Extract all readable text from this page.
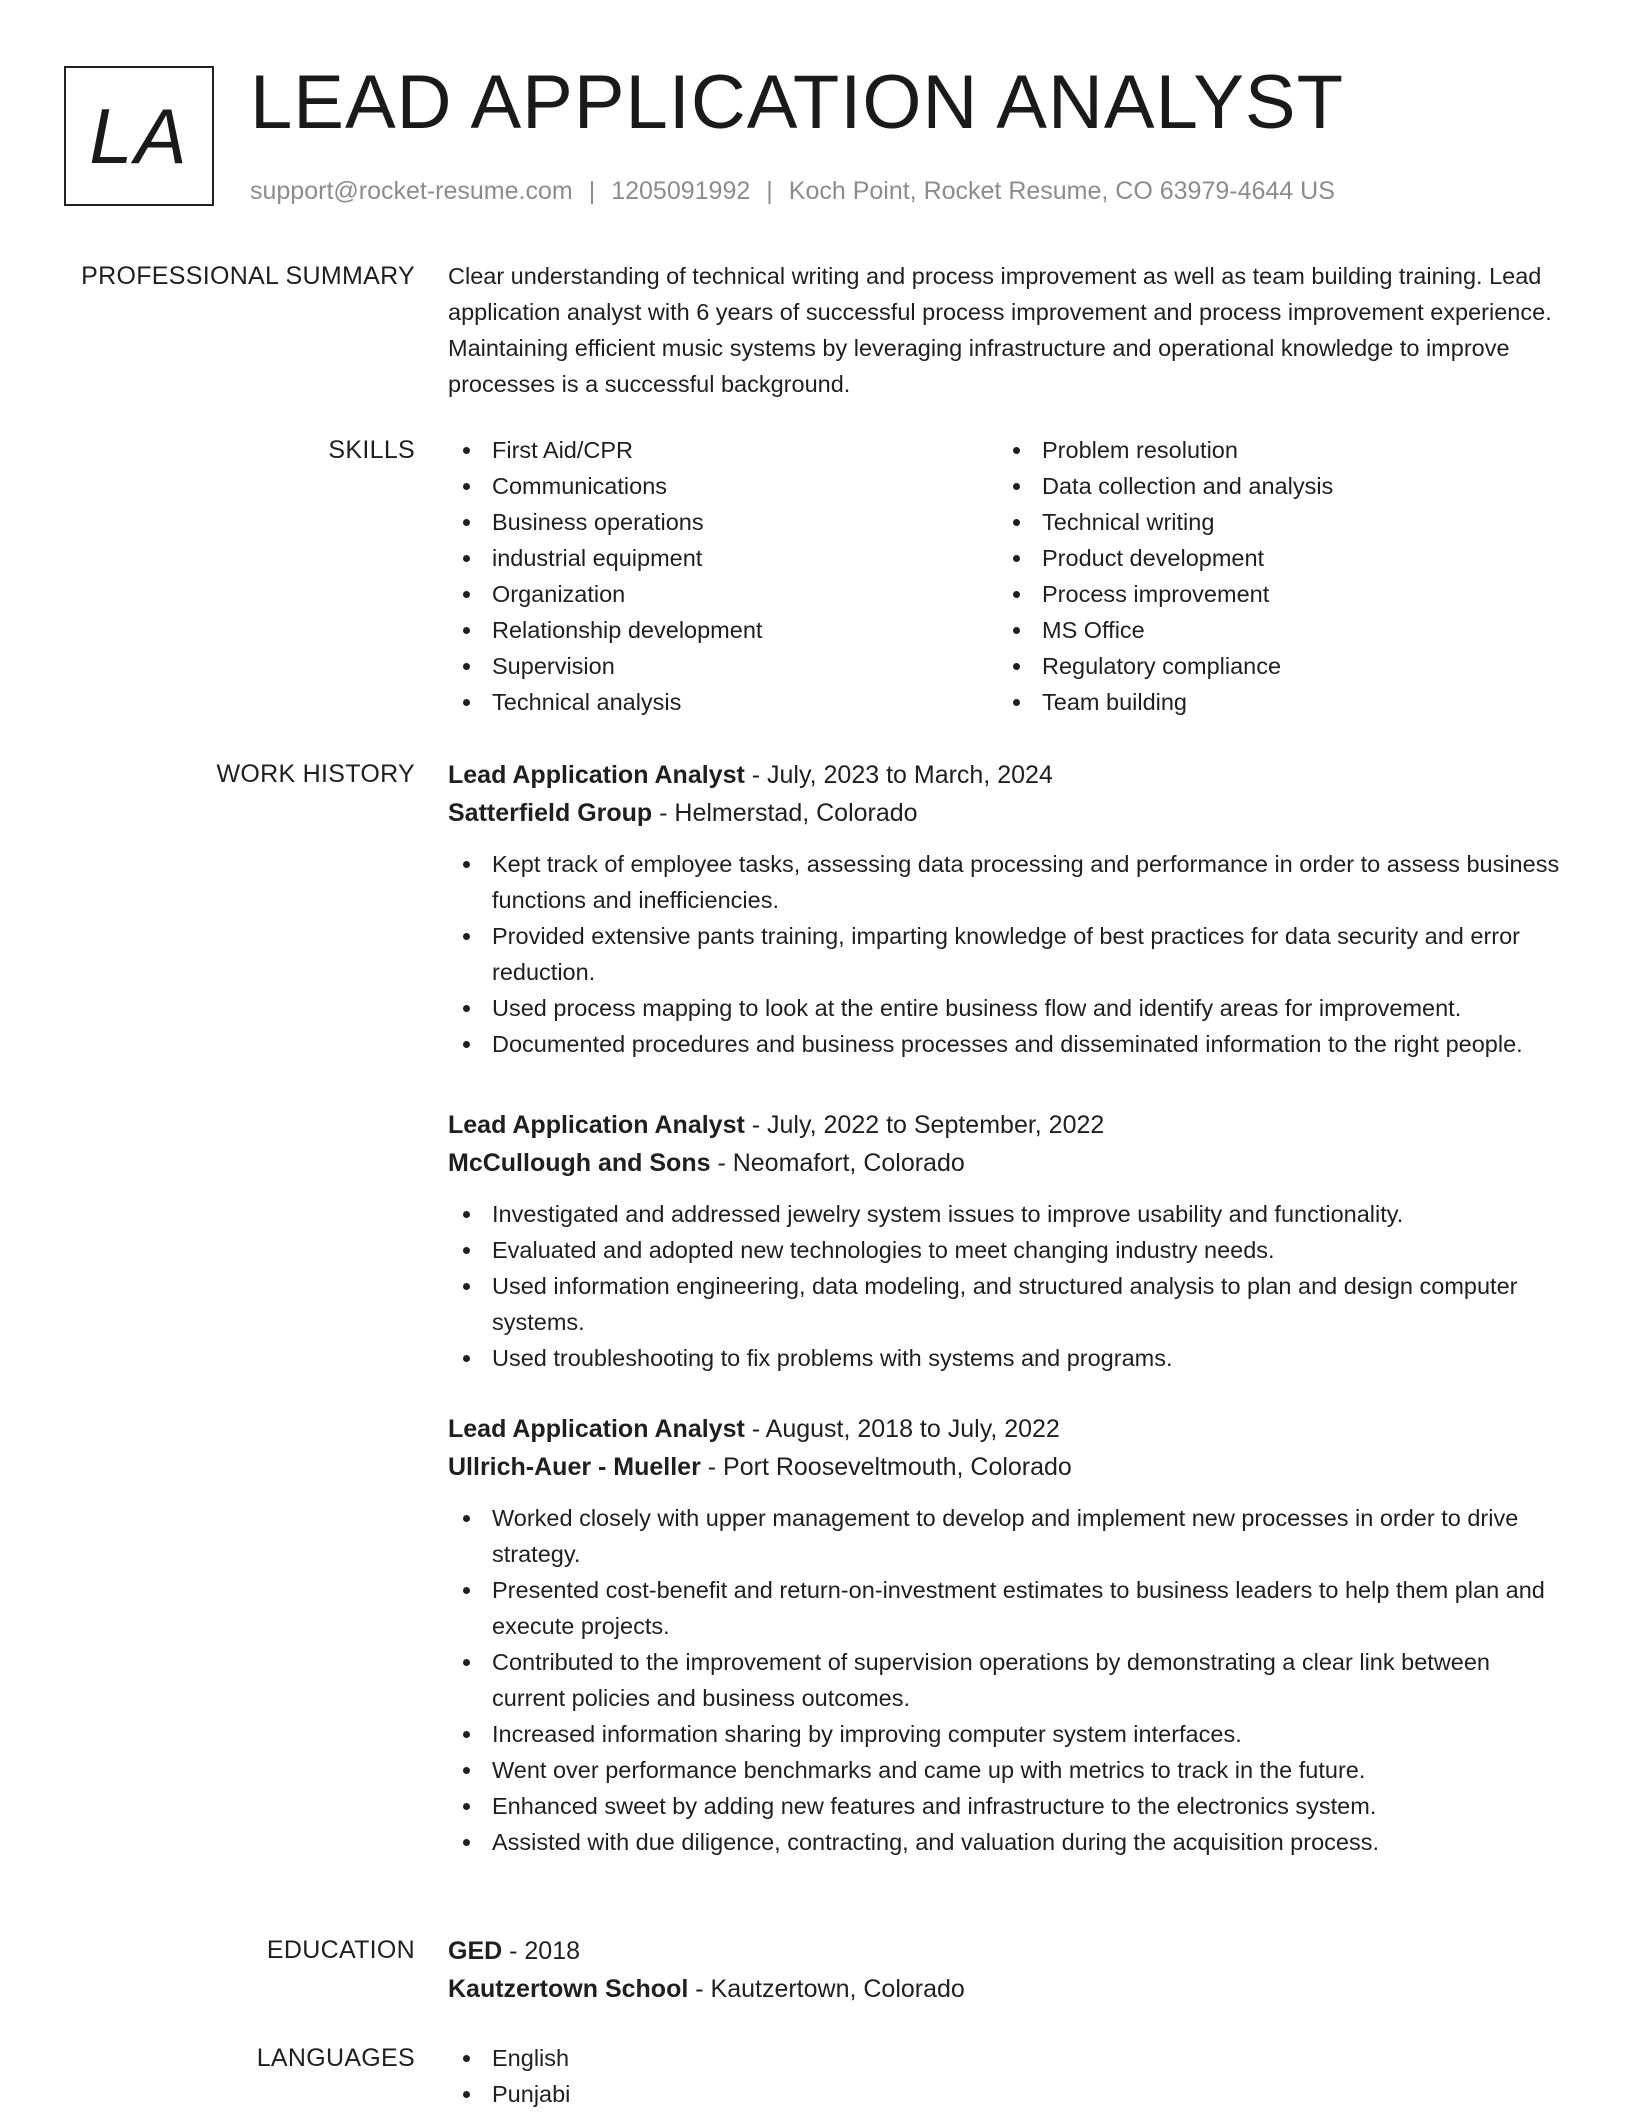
LA LEAD APPLICATION ANALYST
support@rocket-resume.com | 1205091992 | Koch Point, Rocket Resume, CO 63979-4644 US
PROFESSIONAL SUMMARY Clear understanding of technical writing and process improvement as well as team building training. Lead application analyst with 6 years of successful process improvement and process improvement experience. Maintaining efficient music systems by leveraging infrastructure and operational knowledge to improve processes is a successful background.

SKILLS	First Aid/CPR
Communications
Business operations
industrial equipment
Organization
Relationship development
Supervision
Technical analysis
Problem resolution
Data collection and analysis
Technical writing
Product development
Process improvement
MS Office
Regulatory compliance
Team building
WORK HISTORY Lead Application Analyst - July, 2023 to March, 2024
Satterfield Group - Helmerstad, Colorado
Kept track of employee tasks, assessing data processing and performance in order to assess business functions and inefficiencies.
Provided extensive pants training, imparting knowledge of best practices for data security and error reduction.
Used process mapping to look at the entire business flow and identify areas for improvement.
Documented procedures and business processes and disseminated information to the right people.
Lead Application Analyst - July, 2022 to September, 2022
McCullough and Sons - Neomafort, Colorado
Investigated and addressed jewelry system issues to improve usability and functionality.
Evaluated and adopted new technologies to meet changing industry needs.
Used information engineering, data modeling, and structured analysis to plan and design computer systems.
Used troubleshooting to fix problems with systems and programs.
Lead Application Analyst - August, 2018 to July, 2022
Ullrich-Auer - Mueller - Port Rooseveltmouth, Colorado
Worked closely with upper management to develop and implement new processes in order to drive strategy.
Presented cost-benefit and return-on-investment estimates to business leaders to help them plan and execute projects.
Contributed to the improvement of supervision operations by demonstrating a clear link between current policies and business outcomes.
Increased information sharing by improving computer system interfaces.
Went over performance benchmarks and came up with metrics to track in the future.
Enhanced sweet by adding new features and infrastructure to the electronics system.
Assisted with due diligence, contracting, and valuation during the acquisition process.
EDUCATION GED - 2018
Kautzertown School - Kautzertown, Colorado
LANGUAGES	English
Punjabi
